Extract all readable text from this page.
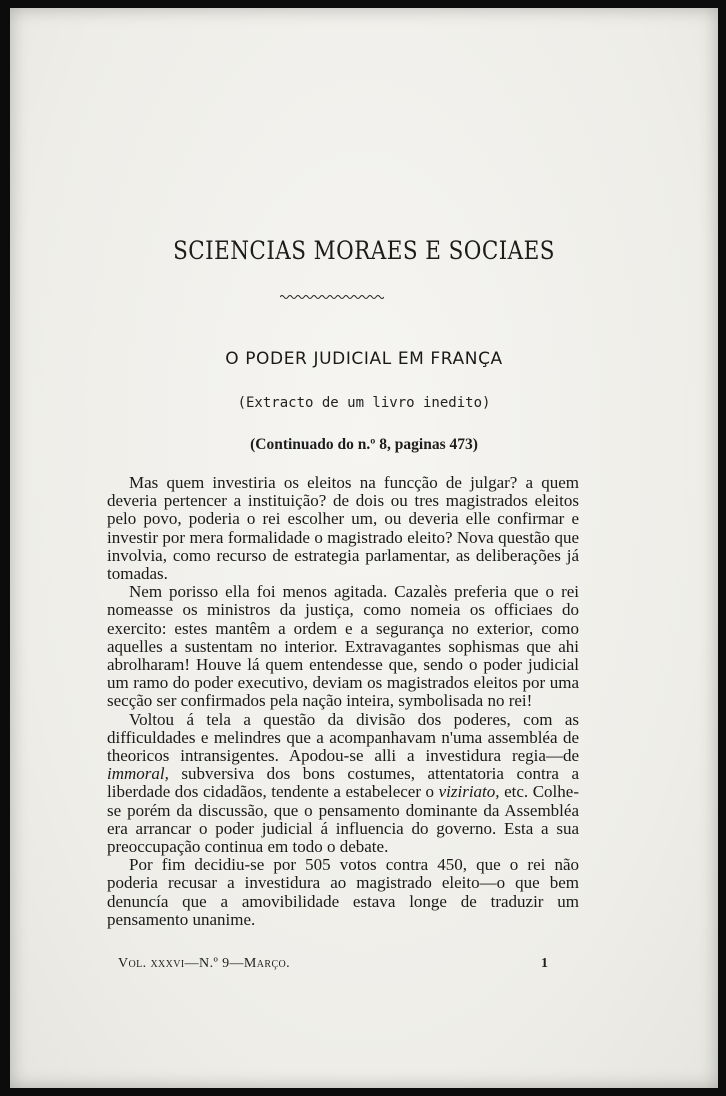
SCIENCIAS MORAES E SOCIAES
O PODER JUDICIAL EM FRANÇA
(Extracto de um livro inedito)
(Continuado do n.º 8, paginas 473)

Mas quem investiria os eleitos na funcção de julgar? a quem deveria pertencer a instituição? de dois ou tres magistrados eleitos pelo povo, poderia o rei escolher um, ou deveria elle confirmar e investir por mera formalidade o magistrado eleito? Nova questão que involvia, como recurso de estrategia parlamentar, as deliberações já tomadas.

Nem porisso ella foi menos agitada. Cazalès preferia que o rei nomeasse os ministros da justiça, como nomeia os officiaes do exercito: estes mantêm a ordem e a segurança no exterior, como aquelles a sustentam no interior. Extravagantes sophismas que ahi abrolharam! Houve lá quem entendesse que, sendo o poder judicial um ramo do poder executivo, deviam os magistrados eleitos por uma secção ser confirmados pela nação inteira, symbolisada no rei!

Voltou á tela a questão da divisão dos poderes, com as difficuldades e melindres que a acompanhavam n'uma assembléa de theoricos intransigentes. Apodou-se alli a investidura regia—de immoral, subversiva dos bons costumes, attentatoria contra a liberdade dos cidadãos, tendente a estabelecer o viziriato, etc. Colhe-se porém da discussão, que o pensamento dominante da Assembléa era arrancar o poder judicial á influencia do governo. Esta a sua preoccupação continua em todo o debate.

Por fim decidiu-se por 505 votos contra 450, que o rei não poderia recusar a investidura ao magistrado eleito—o que bem denuncía que a amovibilidade estava longe de traduzir um pensamento unanime.

Vol. xxxvi—N.º 9—Março.	1
